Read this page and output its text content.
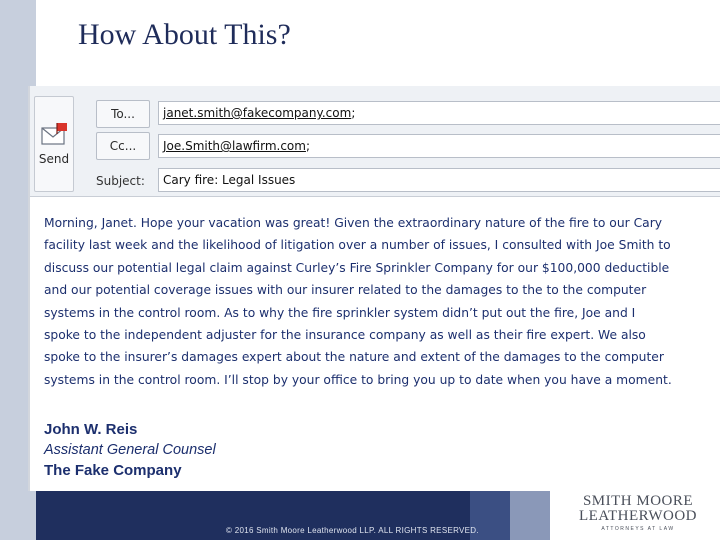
How About This?
Send
To...	janet.smith@fakecompany.com ;
Cc...	Joe.Smith@lawfirm.com ;
Subject:	Cary fire: Legal Issues
Morning, Janet. Hope your vacation was great! Given the extraordinary nature of the fire to our Cary
facility last week and the likelihood of litigation over a number of issues, I consulted with Joe Smith to
discuss our potential legal claim against Curley’s Fire Sprinkler Company for our $100,000 deductible
and our potential coverage issues with our insurer related to the damages to the to the computer
systems in the control room. As to why the fire sprinkler system didn’t put out the fire, Joe and I
spoke to the independent adjuster for the insurance company as well as their fire expert. We also
spoke to the insurer’s damages expert about the nature and extent of the damages to the computer
systems in the control room. I’ll stop by your office to bring you up to date when you have a moment.
John W. Reis
Assistant General Counsel
The Fake Company
© 2016 Smith Moore Leatherwood LLP. ALL RIGHTS RESERVED.
SMITH MOORE
LEATHERWOOD
ATTORNEYS AT LAW
